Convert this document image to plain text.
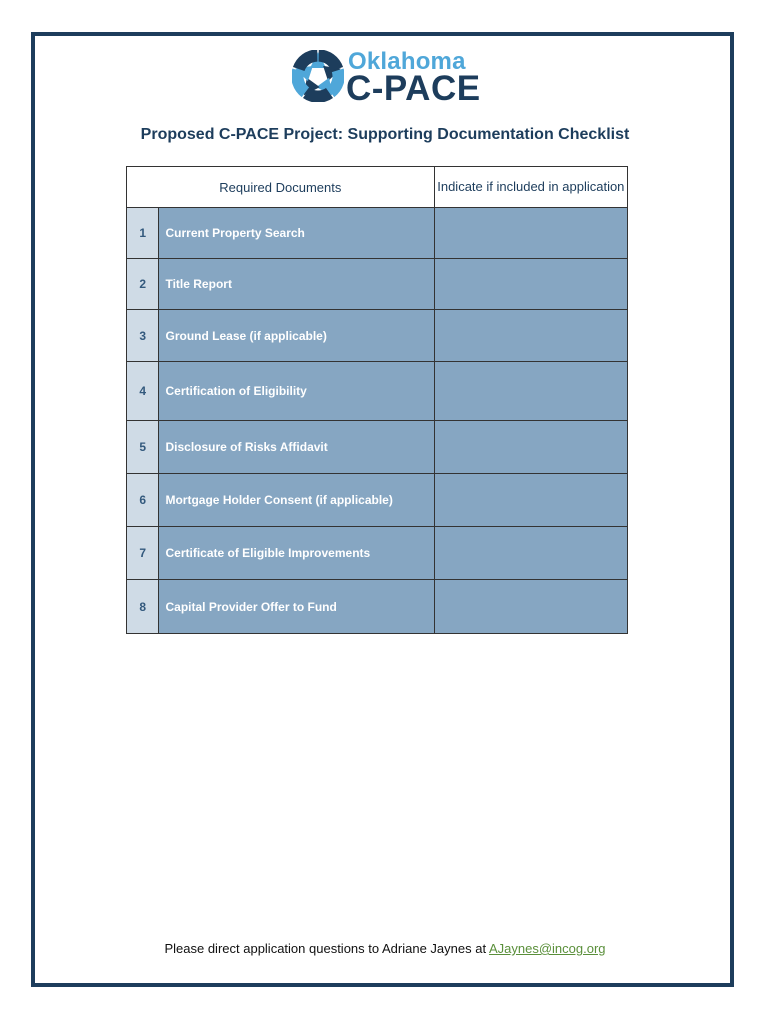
Oklahoma
C-PACE
Proposed C-PACE Project: Supporting Documentation Checklist
Required Documents		Indicate if included in application
1	Current Property Search	
2	Title Report	
3	Ground Lease (if applicable)	
4	Certification of Eligibility	
5	Disclosure of Risks Affidavit	
6	Mortgage Holder Consent (if applicable)	
7	Certificate of Eligible Improvements	
8	Capital Provider Offer to Fund	
Please direct application questions to Adriane Jaynes at AJaynes@incog.org
